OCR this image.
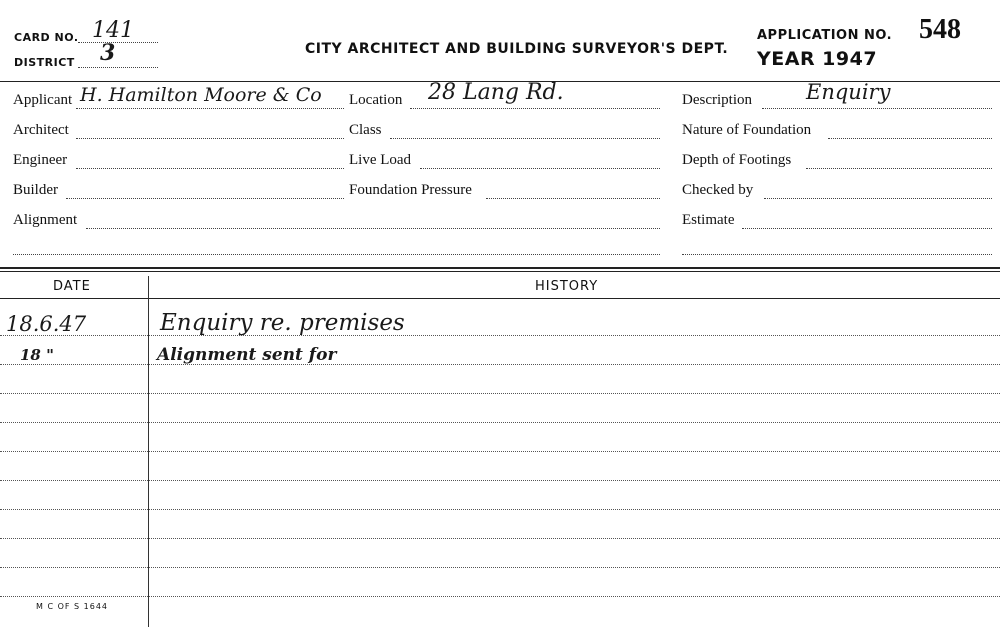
CARD NO. 141
DISTRICT 3	CITY ARCHITECT AND BUILDING SURVEYOR'S DEPT.
APPLICATION NO. 548
YEAR 1947
Applicant H. Hamilton Moore & Co
Architect
Engineer
Builder
Alignment
Location 28 Lang Rd.
Class
Live Load
Foundation Pressure
Description	Enquiry
Nature of Foundation
Depth of Footings
Checked by
Estimate
DATE	HISTORY
18.6.47	Enquiry re. premises
18 "	Alignment sent for
M C OF S 1644
